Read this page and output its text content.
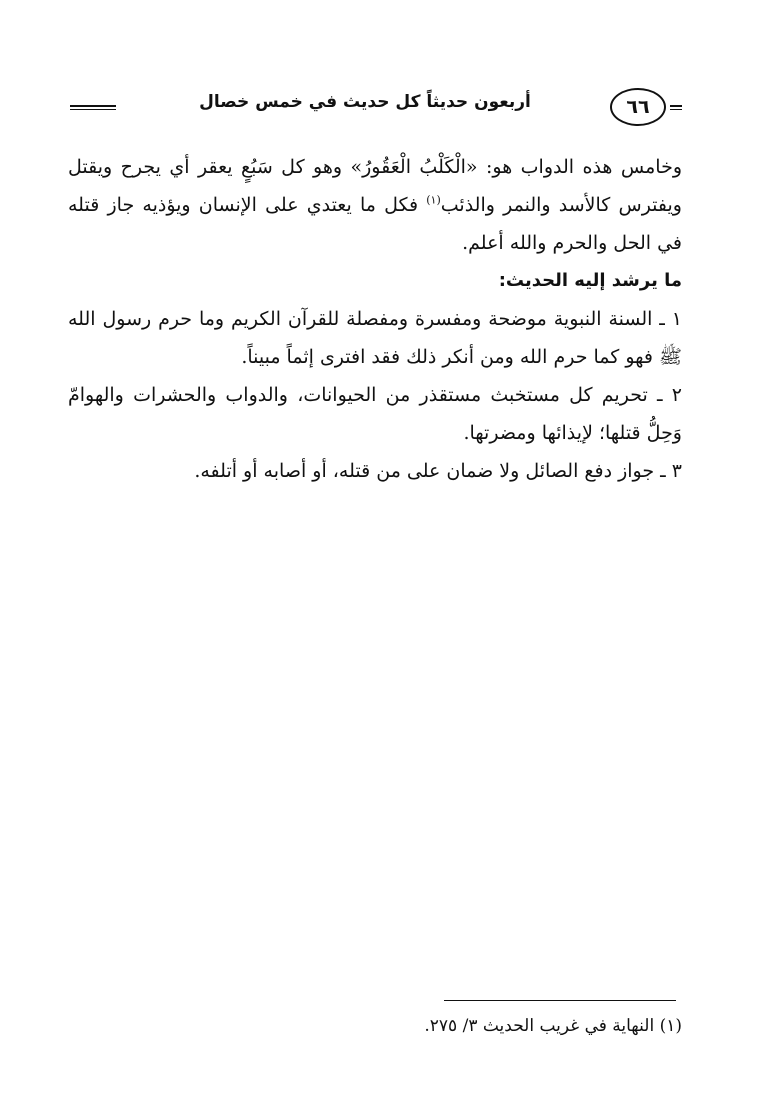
٦٦
أربعون حديثاً كل حديث في خمس خصال

وخامس هذه الدواب هو: «الْكَلْبُ الْعَقُورُ» وهو كل سَبُعٍ يعقر أي يجرح ويقتل ويفترس كالأسد والنمر والذئب$^{(١)}$ فكل ما يعتدي على الإنسان ويؤذيه جاز قتله في الحل والحرم والله أعلم.

ما يرشد إليه الحديث:

١ ـ السنة النبوية موضحة ومفسرة ومفصلة للقرآن الكريم وما حرم رسول الله ﷺ فهو كما حرم الله ومن أنكر ذلك فقد افترى إثماً مبيناً.

٢ ـ تحريم كل مستخبث مستقذر من الحيوانات، والدواب والحشرات والهوامّ وَحِلُّ قتلها؛ لإيذائها ومضرتها.

٣ ـ جواز دفع الصائل ولا ضمان على من قتله، أو أصابه أو أتلفه.

(١) النهاية في غريب الحديث ٣/ ٢٧٥.
